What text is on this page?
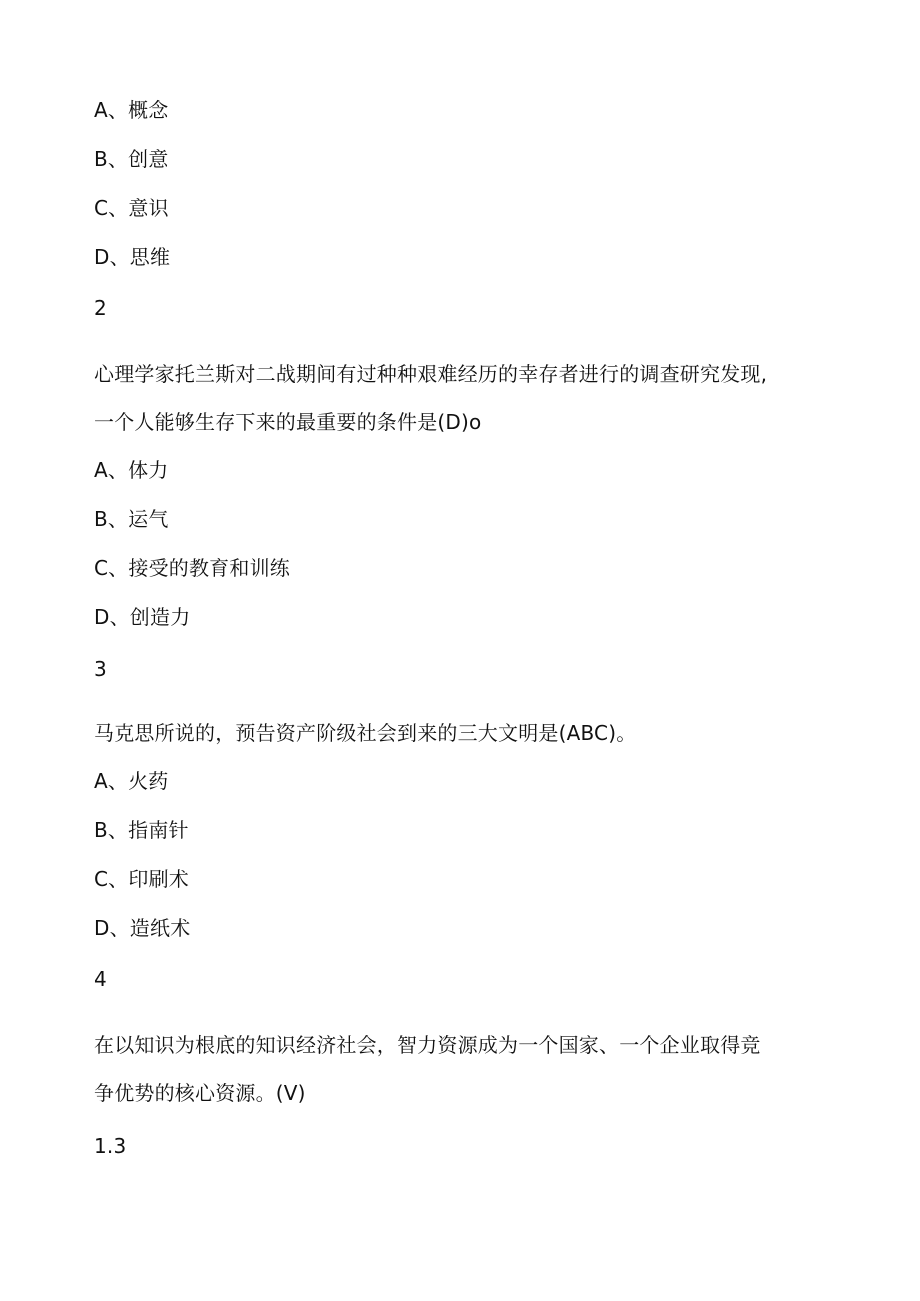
A、概念
B、创意
C、意识
D、思维
2
心理学家托兰斯对二战期间有过种种艰难经历的幸存者进行的调查研究发现,
一个人能够生存下来的最重要的条件是(D)o
A、体力
B、运气
C、接受的教育和训练
D、创造力
3
马克思所说的，预告资产阶级社会到来的三大文明是(ABC)。
A、火药
B、指南针
C、印刷术
D、造纸术
4
在以知识为根底的知识经济社会，智力资源成为一个国家、一个企业取得竞
争优势的核心资源。(V)
1.3
